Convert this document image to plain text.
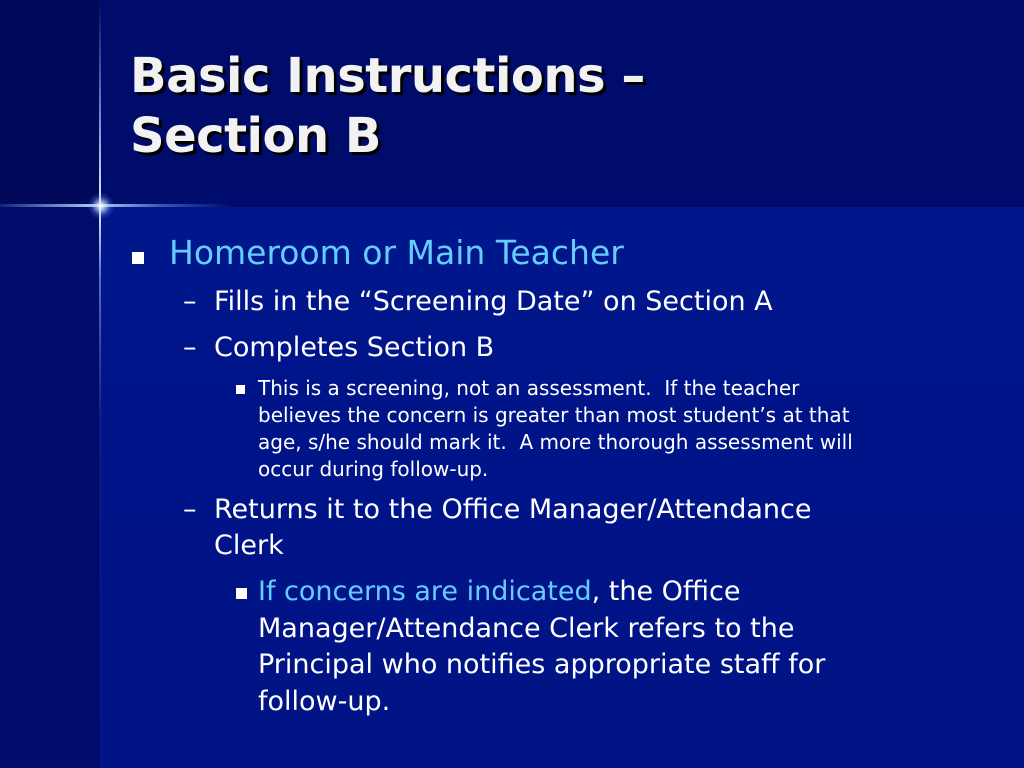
Basic Instructions –
Section B
Homeroom or Main Teacher
– Fills in the “Screening Date” on Section A
– Completes Section B
This is a screening, not an assessment.  If the teacher
believes the concern is greater than most student’s at that
age, s/he should mark it.  A more thorough assessment will
occur during follow-up.
– Returns it to the Office Manager/Attendance
Clerk
If concerns are indicated, the Office
Manager/Attendance Clerk refers to the
Principal who notifies appropriate staff for
follow-up.
